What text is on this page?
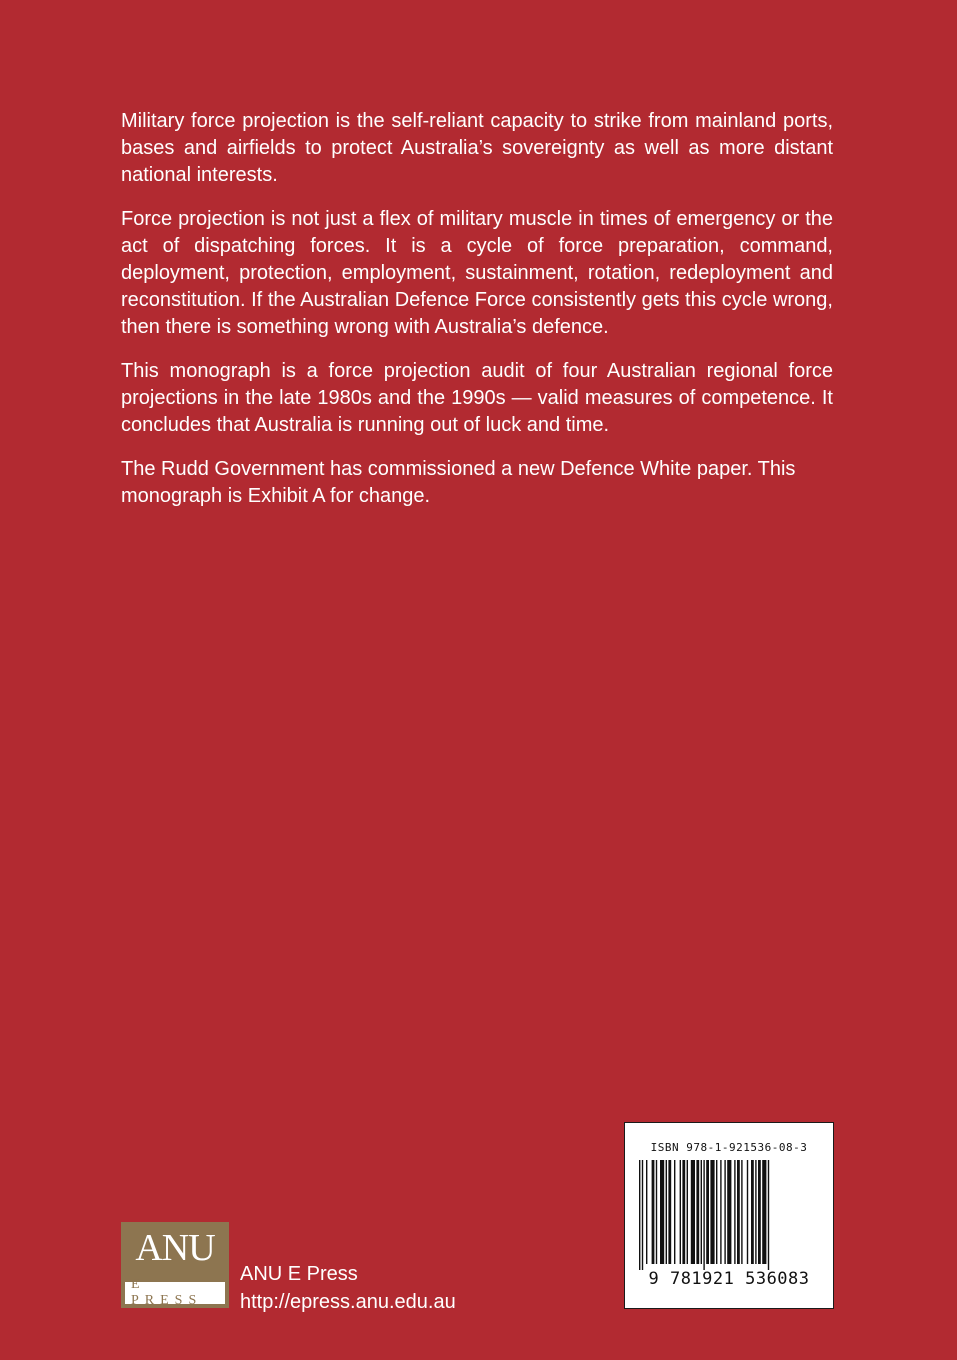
Military force projection is the self-reliant capacity to strike from mainland ports, bases and airfields to protect Australia’s sovereignty as well as more distant national interests.

Force projection is not just a flex of military muscle in times of emergency or the act of dispatching forces. It is a cycle of force preparation, command, deployment, protection, employment, sustainment, rotation, redeployment and reconstitution. If the Australian Defence Force consistently gets this cycle wrong, then there is something wrong with Australia’s defence.

This monograph is a force projection audit of four Australian regional force projections in the late 1980s and the 1990s — valid measures of competence. It concludes that Australia is running out of luck and time.

The Rudd Government has commissioned a new Defence White paper. This monograph is Exhibit A for change.

ANU
E PRESS
ANU E Press
http://epress.anu.edu.au
ISBN 978-1-921536-08-3
9 781921 536083
